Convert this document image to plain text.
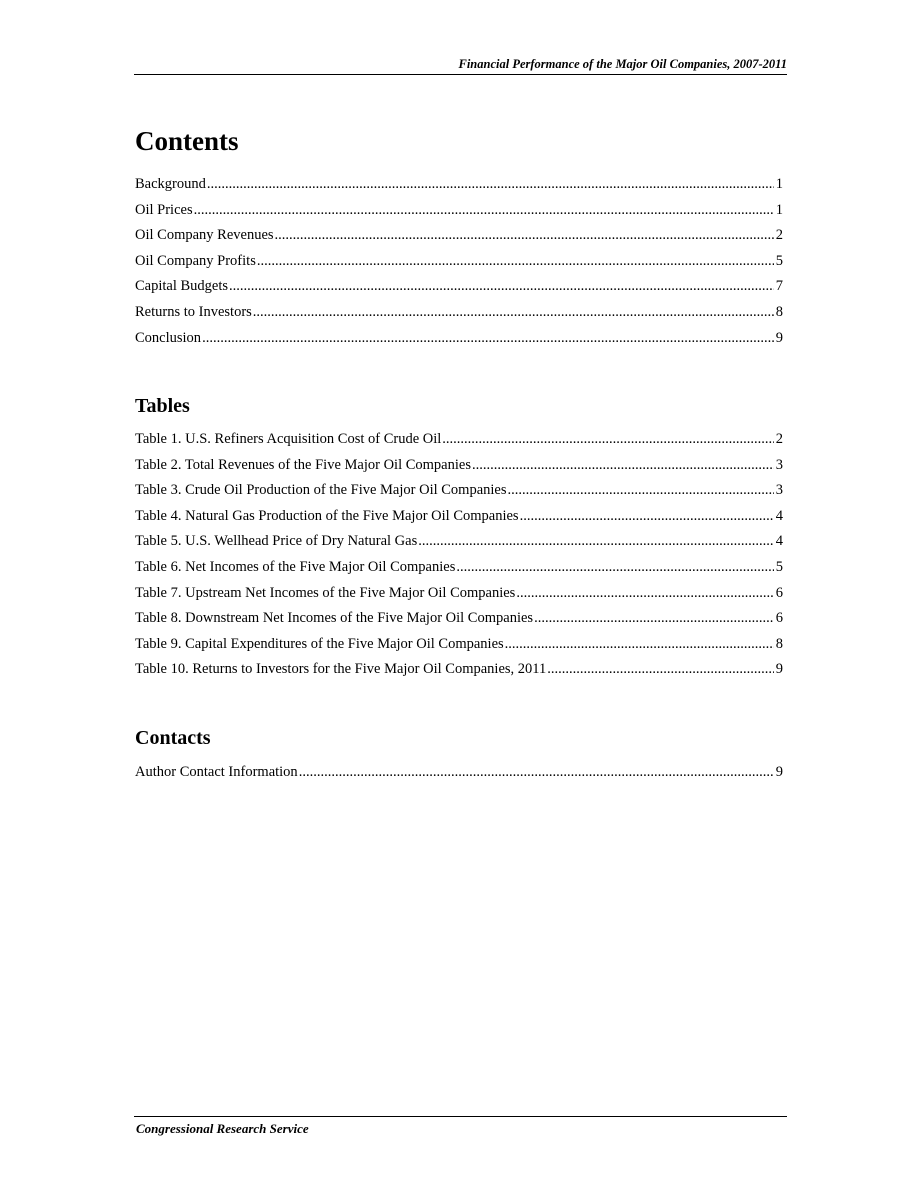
Financial Performance of the Major Oil Companies, 2007-2011
Contents
Background .....	1
Oil Prices .....	1
Oil Company Revenues .....	2
Oil Company Profits .....	5
Capital Budgets .....	7
Returns to Investors .....	8
Conclusion .....	9
Tables
Table 1. U.S. Refiners Acquisition Cost of Crude Oil .....	2
Table 2. Total Revenues of the Five Major Oil Companies .....	3
Table 3. Crude Oil Production of the Five Major Oil Companies .....	3
Table 4. Natural Gas Production of the Five Major Oil Companies .....	4
Table 5. U.S. Wellhead Price of Dry Natural Gas .....	4
Table 6. Net Incomes of the Five Major Oil Companies .....	5
Table 7. Upstream Net Incomes of the Five Major Oil Companies .....	6
Table 8. Downstream Net Incomes of the Five Major Oil Companies .....	6
Table 9. Capital Expenditures of the Five Major Oil Companies .....	8
Table 10. Returns to Investors for the Five Major Oil Companies, 2011 .....	9
Contacts
Author Contact Information .....	9
Congressional Research Service
